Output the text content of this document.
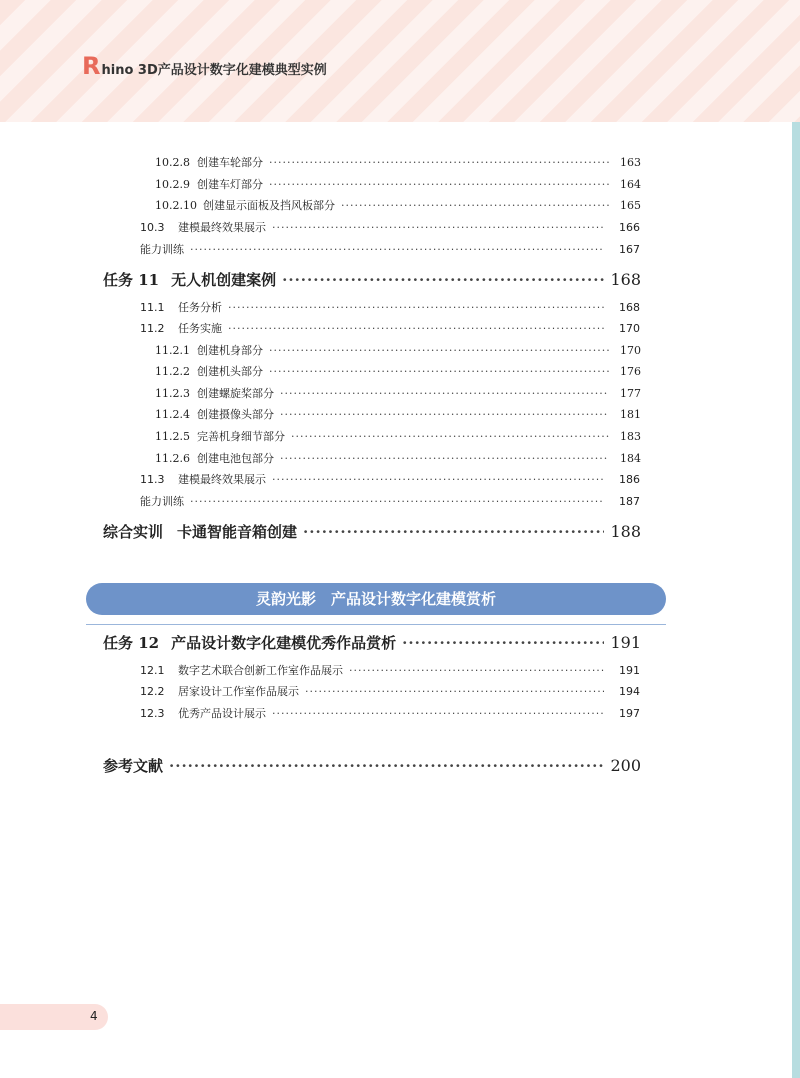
Rhino 3D产品设计数字化建模典型实例
10.2.8 创建车轮部分 ·····	163
10.2.9 创建车灯部分 ·····	164
10.2.10 创建显示面板及挡风板部分 ·····	165
10.3	建模最终效果展示 ·····	166
能力训练 ·····	167
任务 11 无人机创建案例 ·····	168
11.1	任务分析 ·····	168
11.2	任务实施 ·····	170
11.2.1 创建机身部分 ·····	170
11.2.2 创建机头部分 ·····	176
11.2.3 创建螺旋桨部分 ·····	177
11.2.4 创建摄像头部分 ·····	181
11.2.5 完善机身细节部分 ·····	183
11.2.6 创建电池包部分 ·····	184
11.3	建模最终效果展示 ·····	186
能力训练 ·····	187
综合实训 卡通智能音箱创建 ·····	188
灵韵光影　产品设计数字化建模赏析
任务 12 产品设计数字化建模优秀作品赏析 ·····	191
12.1	数字艺术联合创新工作室作品展示 ·····	191
12.2	居家设计工作室作品展示 ·····	194
12.3	优秀产品设计展示 ·····	197
参考文献 ·····	200
4
